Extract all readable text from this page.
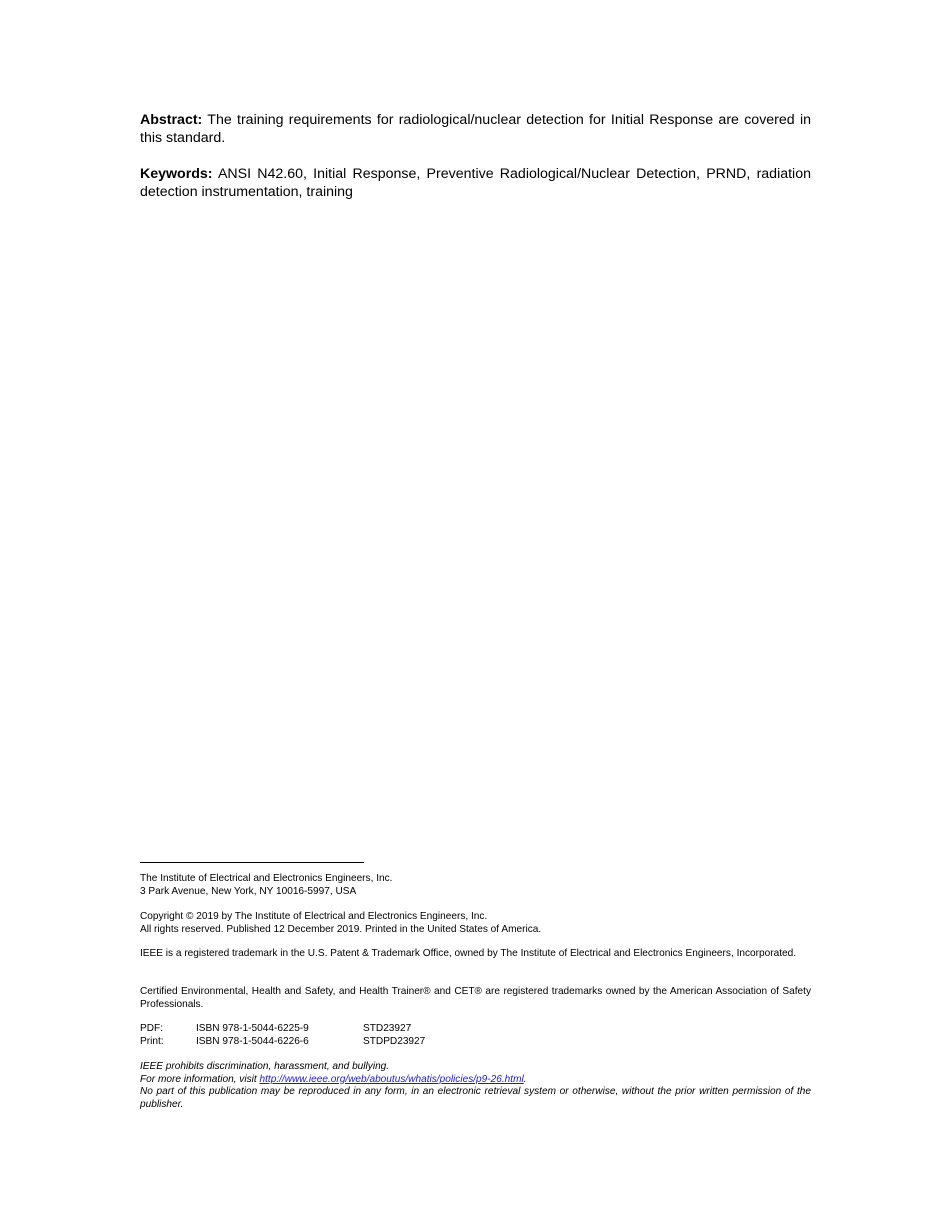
Abstract: The training requirements for radiological/nuclear detection for Initial Response are covered in this standard.

Keywords: ANSI N42.60, Initial Response, Preventive Radiological/Nuclear Detection, PRND, radiation detection instrumentation, training

The Institute of Electrical and Electronics Engineers, Inc.
3 Park Avenue, New York, NY 10016-5997, USA

Copyright © 2019 by The Institute of Electrical and Electronics Engineers, Inc.
All rights reserved. Published 12 December 2019. Printed in the United States of America.

IEEE is a registered trademark in the U.S. Patent & Trademark Office, owned by The Institute of Electrical and Electronics Engineers, Incorporated.

Certified Environmental, Health and Safety, and Health Trainer® and CET® are registered trademarks owned by the American Association of Safety Professionals.

PDF:	ISBN 978-1-5044-6225-9	STD23927
Print:	ISBN 978-1-5044-6226-6	STDPD23927

IEEE prohibits discrimination, harassment, and bullying.
For more information, visit http://www.ieee.org/web/aboutus/whatis/policies/p9-26.html.
No part of this publication may be reproduced in any form, in an electronic retrieval system or otherwise, without the prior written permission of the publisher.
